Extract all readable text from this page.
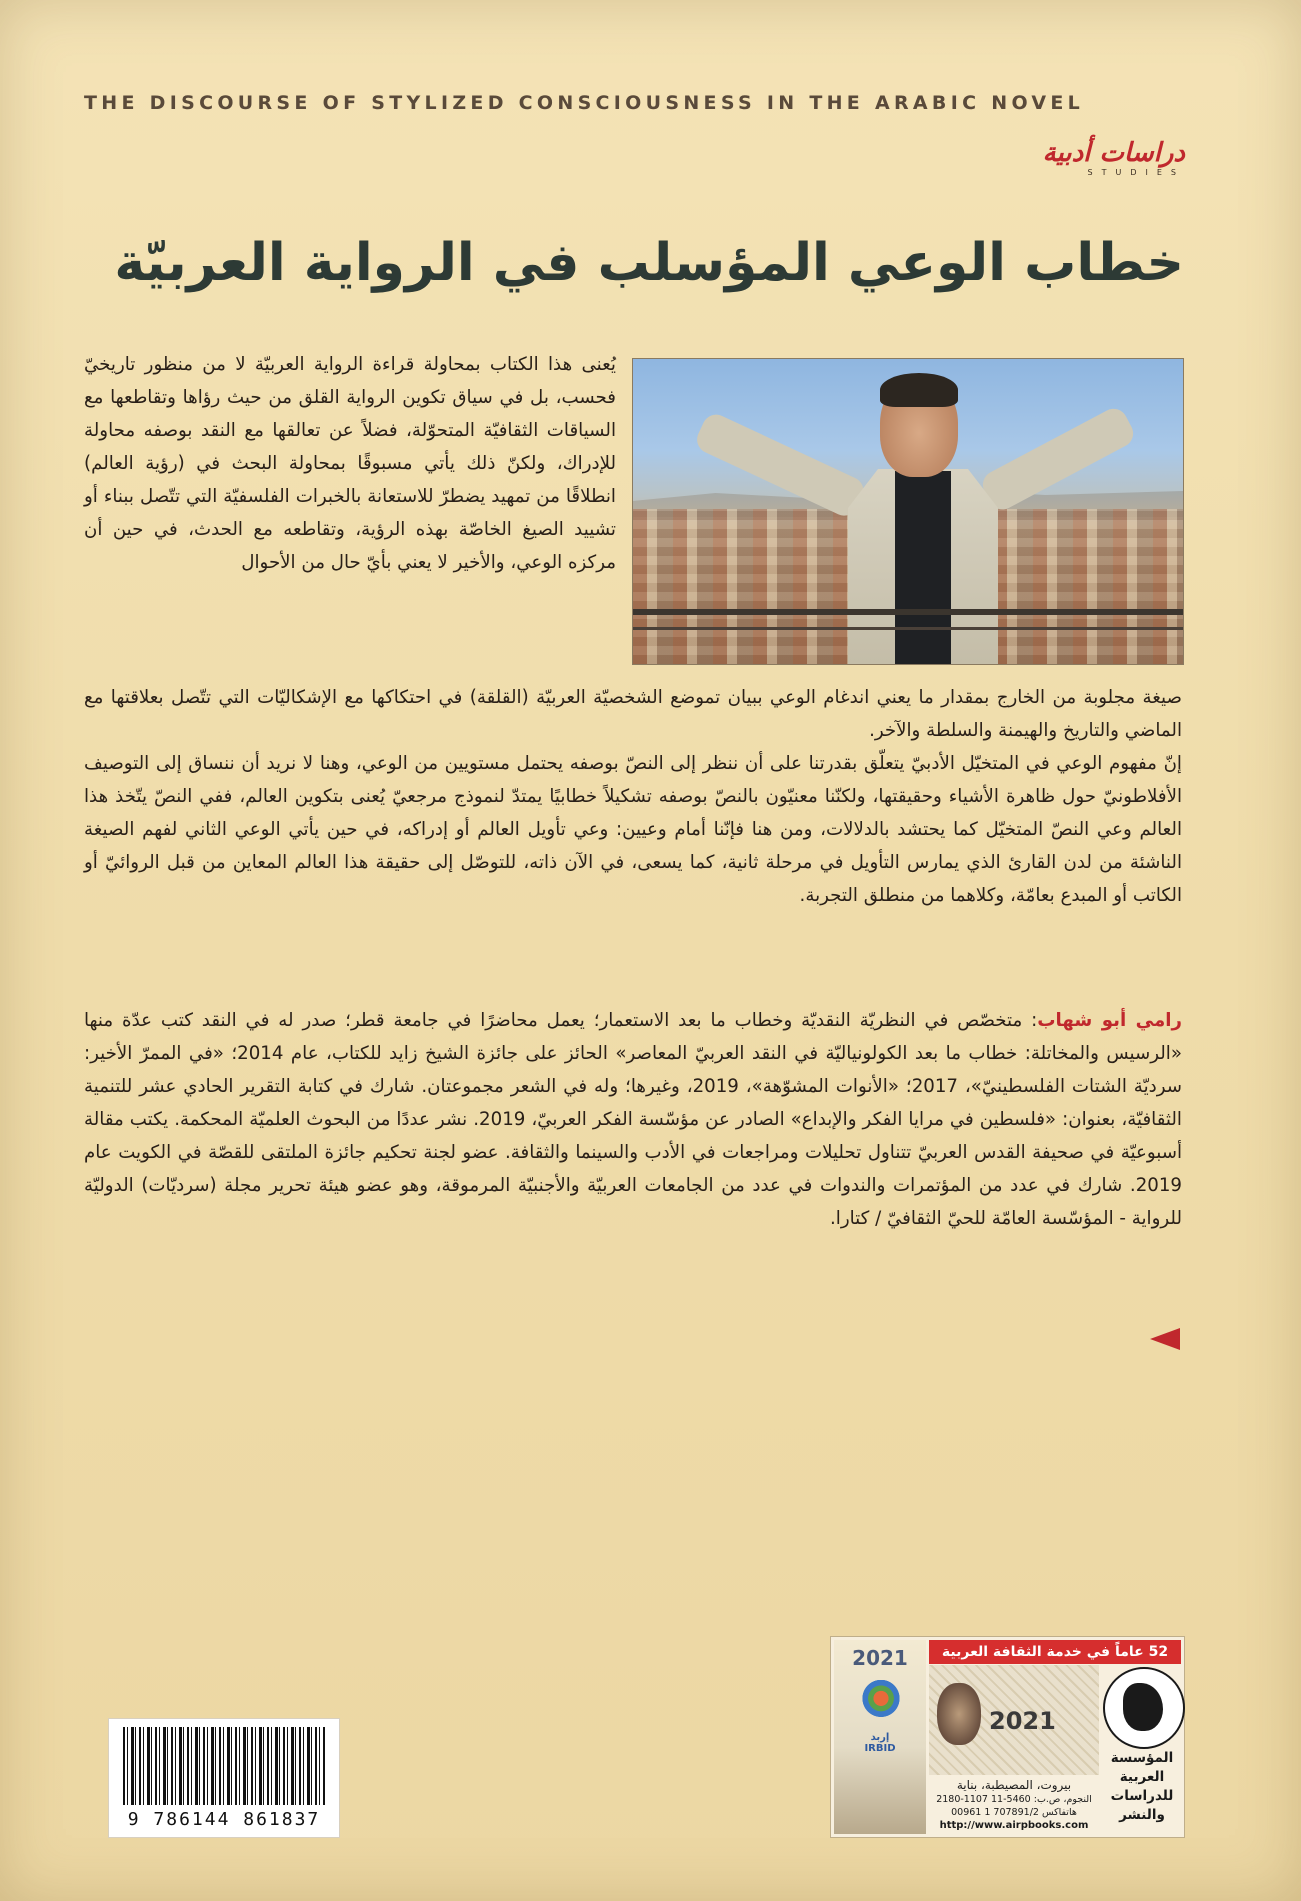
THE DISCOURSE OF STYLIZED CONSCIOUSNESS IN THE ARABIC NOVEL
دراسات أدبية
STUDIES
خطاب الوعي المؤسلب في الرواية العربيّة
يُعنى هذا الكتاب بمحاولة قراءة الرواية العربيّة لا من منظور تاريخيّ فحسب، بل في سياق تكوين الرواية القلق من حيث رؤاها وتقاطعها مع السياقات الثقافيّة المتحوّلة، فضلاً عن تعالقها مع النقد بوصفه محاولة للإدراك، ولكنّ ذلك يأتي مسبوقًا بمحاولة البحث في (رؤية العالم) انطلاقًا من تمهيد يضطرّ للاستعانة بالخبرات الفلسفيّة التي تتّصل ببناء أو تشييد الصيغ الخاصّة بهذه الرؤية، وتقاطعه مع الحدث، في حين أن مركزه الوعي، والأخير لا يعني بأيّ حال من الأحوال
صيغة مجلوبة من الخارج بمقدار ما يعني اندغام الوعي ببيان تموضع الشخصيّة العربيّة (القلقة) في احتكاكها مع الإشكاليّات التي تتّصل بعلاقتها مع الماضي والتاريخ والهيمنة والسلطة والآخر.
إنّ مفهوم الوعي في المتخيّل الأدبيّ يتعلّق بقدرتنا على أن ننظر إلى النصّ بوصفه يحتمل مستويين من الوعي، وهنا لا نريد أن ننساق إلى التوصيف الأفلاطونيّ حول ظاهرة الأشياء وحقيقتها، ولكنّنا معنيّون بالنصّ بوصفه تشكيلاً خطابيًا يمتدّ لنموذج مرجعيّ يُعنى بتكوين العالم، ففي النصّ يتّخذ هذا العالم وعي النصّ المتخيّل كما يحتشد بالدلالات، ومن هنا فإنّنا أمام وعيين: وعي تأويل العالم أو إدراكه، في حين يأتي الوعي الثاني لفهم الصيغة الناشئة من لدن القارئ الذي يمارس التأويل في مرحلة ثانية، كما يسعى، في الآن ذاته، للتوصّل إلى حقيقة هذا العالم المعاين من قبل الروائيّ أو الكاتب أو المبدع بعامّة، وكلاهما من منطلق التجربة.
رامي أبو شهاب: متخصّص في النظريّة النقديّة وخطاب ما بعد الاستعمار؛ يعمل محاضرًا في جامعة قطر؛ صدر له في النقد كتب عدّة منها «الرسيس والمخاتلة: خطاب ما بعد الكولونياليّة في النقد العربيّ المعاصر» الحائز على جائزة الشيخ زايد للكتاب، عام 2014؛ «في الممرّ الأخير: سرديّة الشتات الفلسطينيّ»، 2017؛ «الأنوات المشوّهة»، 2019، وغيرها؛ وله في الشعر مجموعتان. شارك في كتابة التقرير الحادي عشر للتنمية الثقافيّة، بعنوان: «فلسطين في مرايا الفكر والإبداع» الصادر عن مؤسّسة الفكر العربيّ، 2019. نشر عددًا من البحوث العلميّة المحكمة. يكتب مقالة أسبوعيّة في صحيفة القدس العربيّ تتناول تحليلات ومراجعات في الأدب والسينما والثقافة. عضو لجنة تحكيم جائزة الملتقى للقصّة في الكويت عام 2019. شارك في عدد من المؤتمرات والندوات في عدد من الجامعات العربيّة والأجنبيّة المرموقة، وهو عضو هيئة تحرير مجلة (سرديّات) الدوليّة للرواية - المؤسّسة العامّة للحيّ الثقافيّ / كتارا.
9 786144 861837
2021
إربد
IRBID
52 عاماً في خدمة الثقافة العربية
2021
المؤسسة العربية للدراسات والنشر
بيروت، المصيطبة، بناية
2180-1107 النجوم، ص.ب: 5460-11
00961 1 707891/2 هاتفاكس
http://www.airpbooks.com
